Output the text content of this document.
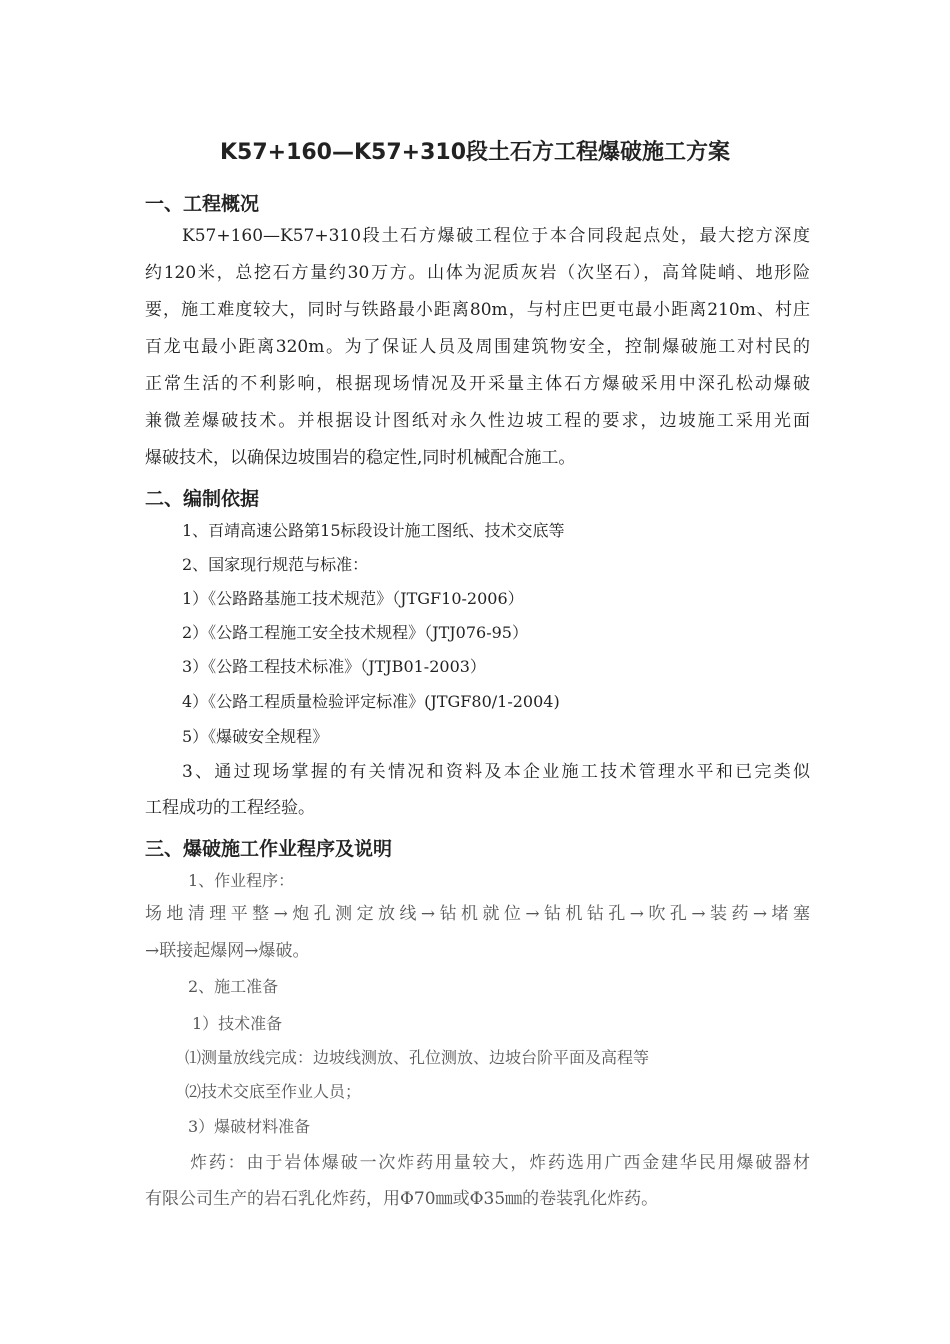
K57+160—K57+310段土石方工程爆破施工方案
一、工程概况
K57+160—K57+310段土石方爆破工程位于本合同段起点处，最大挖方深度
约120米，总挖石方量约30万方。山体为泥质灰岩（次坚石），高耸陡峭、地形险
要，施工难度较大，同时与铁路最小距离80m，与村庄巴更屯最小距离210m、村庄
百龙屯最小距离320m。为了保证人员及周围建筑物安全，控制爆破施工对村民的
正常生活的不利影响，根据现场情况及开采量主体石方爆破采用中深孔松动爆破
兼微差爆破技术。并根据设计图纸对永久性边坡工程的要求，边坡施工采用光面
爆破技术，以确保边坡围岩的稳定性,同时机械配合施工。
二、编制依据
1、百靖高速公路第15标段设计施工图纸、技术交底等
2、国家现行规范与标准：
1）《公路路基施工技术规范》（JTGF10-2006）
2）《公路工程施工安全技术规程》（JTJ076-95）
3）《公路工程技术标准》（JTJB01-2003）
4）《公路工程质量检验评定标准》(JTGF80/1-2004)
5）《爆破安全规程》
3、通过现场掌握的有关情况和资料及本企业施工技术管理水平和已完类似
工程成功的工程经验。
三、爆破施工作业程序及说明
1、作业程序：
场地清理平整→炮孔测定放线→钻机就位→钻机钻孔→吹孔→装药→堵塞
→联接起爆网→爆破。
2、施工准备
1）技术准备
⑴测量放线完成：边坡线测放、孔位测放、边坡台阶平面及高程等
⑵技术交底至作业人员；
3）爆破材料准备
炸药：由于岩体爆破一次炸药用量较大，炸药选用广西金建华民用爆破器材
有限公司生产的岩石乳化炸药，用Φ70㎜或Φ35㎜的卷装乳化炸药。
